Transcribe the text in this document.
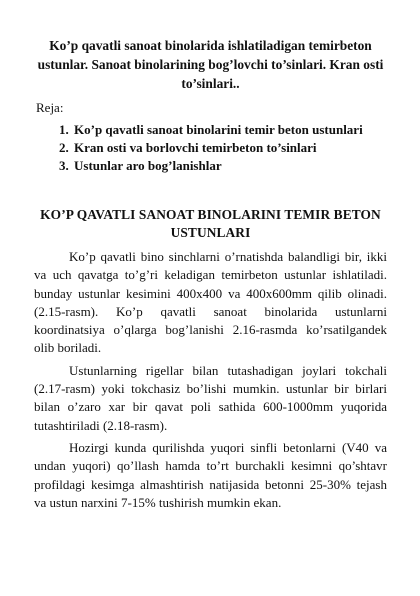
Ko’p qavatli sanoat binolarida ishlatiladigan temirbeton ustunlar. Sanoat binolarining bog’lovchi to’sinlari. Kran osti to’sinlari..
Reja:
1. Ko’p qavatli sanoat binolarini temir beton ustunlari
2. Kran osti va borlovchi temirbeton to’sinlari
3. Ustunlar aro bog’lanishlar
KO’P QAVATLI SANOAT BINOLARINI TEMIR BETON USTUNLARI

Ko’p qavatli bino sinchlarni o’rnatishda balandligi bir, ikki va uch qavatga to’g’ri keladigan temirbeton ustunlar ishlatiladi. bunday ustunlar kesimini 400x400 va 400x600mm qilib olinadi. (2.15-rasm). Ko’p qavatli sanoat binolarida ustunlarni koordinatsiya o’qlarga bog’lanishi 2.16-rasmda ko’rsatilgandek olib boriladi.

Ustunlarning rigellar bilan tutashadigan joylari tokchali (2.17-rasm) yoki tokchasiz bo’lishi mumkin. ustunlar bir birlari bilan o’zaro xar bir qavat poli sathida 600-1000mm yuqorida tutashtiriladi (2.18-rasm).

Hozirgi kunda qurilishda yuqori sinfli betonlarni (V40 va undan yuqori) qo’llash hamda to’rt burchakli kesimni qo’shtavr profildagi kesimga almashtirish natijasida betonni 25-30% tejash va ustun narxini 7-15% tushirish mumkin ekan.
